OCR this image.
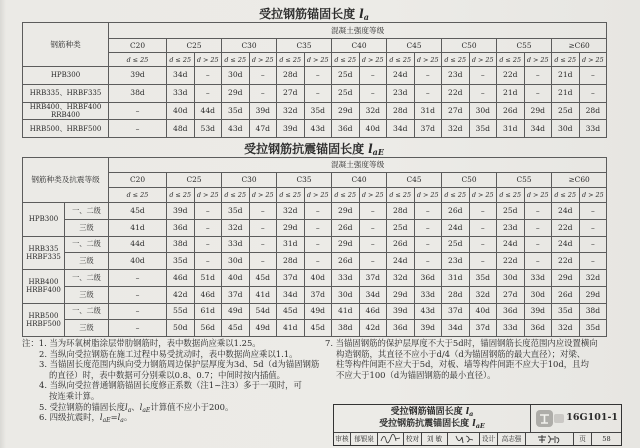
受拉钢筋锚固长度 $l_a$
钢筋种类	混凝土强度等级																
	C20	C25		C30		C35		C40		C45		C50		C55		≥C60	
	d ≤ 25	d ≤ 25	d > 25	d ≤ 25	d > 25	d ≤ 25	d > 25	d ≤ 25	d > 25	d ≤ 25	d > 25	d ≤ 25	d > 25	d ≤ 25	d > 25	d ≤ 25	d > 25

HPB300	39d	34d	–	30d	–	28d	–	25d	–	24d	–	23d	–	22d	–	21d	–

HRB335、HRBF335	38d	33d	–	29d	–	27d	–	25d	–	23d	–	22d	–	21d	–	21d	–

HRB400、HRBF400
RRB400	–	40d	44d	35d	39d	32d	35d	29d	32d	28d	31d	27d	30d	26d	29d	25d	28d

HRB500、HRBF500	–	48d	53d	43d	47d	39d	43d	36d	40d	34d	37d	32d	35d	31d	34d	30d	33d
受拉钢筋抗震锚固长度 $l_{aE}$
钢筋种类及抗震等级		混凝土强度等级																
		C20	C25		C30		C35		C40		C45		C50		C55		≥C60	
		d ≤ 25	d ≤ 25	d > 25	d ≤ 25	d > 25	d ≤ 25	d > 25	d ≤ 25	d > 25	d ≤ 25	d > 25	d ≤ 25	d > 25	d ≤ 25	d > 25	d ≤ 25	d > 25

HPB300	一、二级	45d	39d	–	35d	–	32d	–	29d	–	28d	–	26d	–	25d	–	24d	–
	三级	41d	36d	–	32d	–	29d	–	26d	–	25d	–	24d	–	23d	–	22d	–

HRB335
HRBF335	一、二级	44d	38d	–	33d	–	31d	–	29d	–	26d	–	25d	–	24d	–	24d	–
	三级	40d	35d	–	30d	–	28d	–	26d	–	24d	–	23d	–	22d	–	22d	–

HRB400
HRBF400	一、二级	–	46d	51d	40d	45d	37d	40d	33d	37d	32d	36d	31d	35d	30d	33d	29d	32d
	三级	–	42d	46d	37d	41d	34d	37d	30d	34d	29d	33d	28d	32d	27d	30d	26d	29d

HRB500
HRBF500	一、二级	–	55d	61d	49d	54d	45d	49d	41d	46d	39d	43d	37d	40d	36d	39d	35d	38d
	三级	–	50d	56d	45d	49d	41d	45d	38d	42d	36d	39d	34d	37d	33d	36d	32d	35d
注：1. 当为环氧树脂涂层带肋钢筋时，表中数据尚应乘以1.25。
2. 当纵向受拉钢筋在施工过程中易受扰动时，表中数据尚应乘以1.1。
3. 当锚固长度范围内纵向受力钢筋周边保护层厚度为3d、5d（d为锚固钢筋
的直径）时，表中数据可分别乘以0.8、0.7；中间时按内插值。
4. 当纵向受拉普通钢筋锚固长度修正系数（注1~注3）多于一项时，可
按连乘计算。
5. 受拉钢筋的锚固长度$l_a$、$l_{aE}$计算值不应小于200。
6. 四级抗震时，$l_{aE}=l_a$。
7. 当锚固钢筋的保护层厚度不大于5d时，锚固钢筋长度范围内应设置横向
构造钢筋，其直径不应小于d/4（d为锚固钢筋的最大直径）；对梁、
柱等构件间距不应大于5d，对板、墙等构件间距不应大于10d，且均
不应大于100（d为锚固钢筋的最小直径）。
受拉钢筋锚固长度 $l_a$
受拉钢筋抗震锚固长度 $l_{aE}$
16G101-1
审核 郁银泉	校对	刘 敏	设计 高志强	页	58
